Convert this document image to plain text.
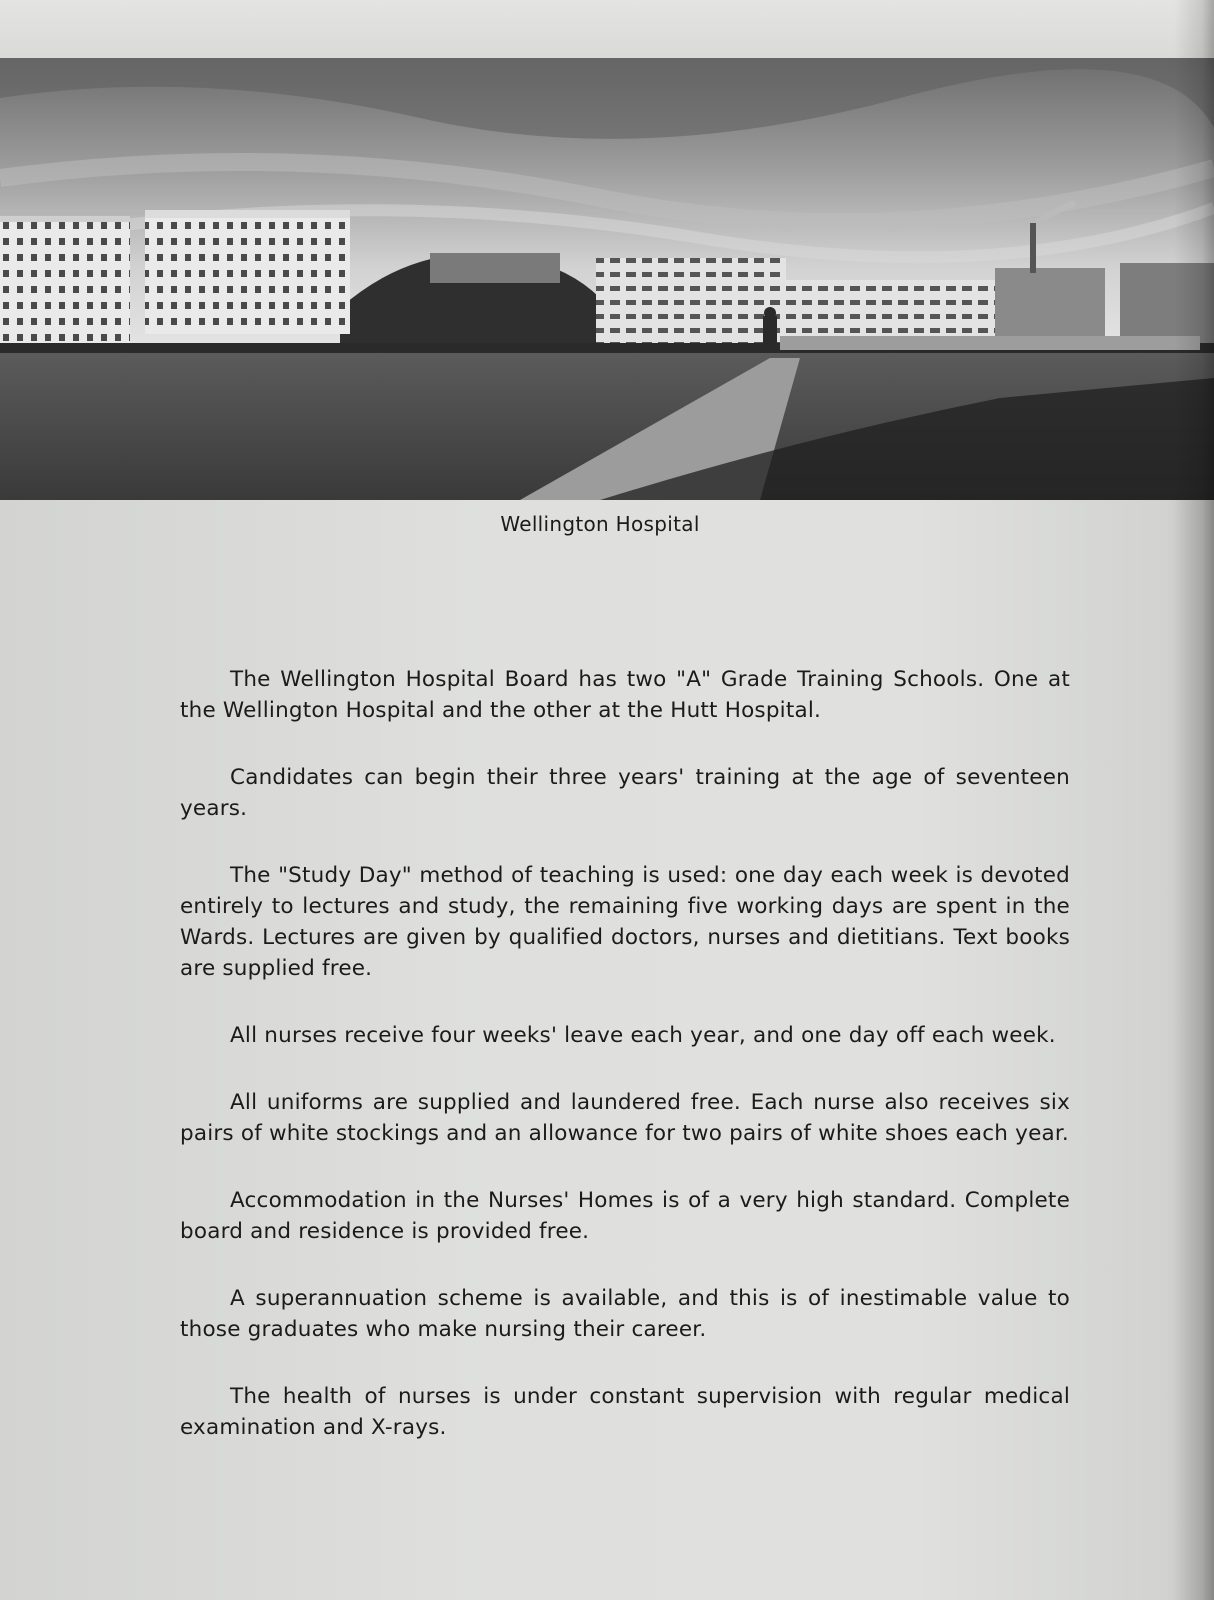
Wellington Hospital

The Wellington Hospital Board has two "A" Grade Training Schools. One at the Wellington Hospital and the other at the Hutt Hospital.

Candidates can begin their three years' training at the age of seventeen years.

The "Study Day" method of teaching is used: one day each week is devoted entirely to lectures and study, the remaining five working days are spent in the Wards. Lectures are given by qualified doctors, nurses and dietitians. Text books are supplied free.

All nurses receive four weeks' leave each year, and one day off each week.

All uniforms are supplied and laundered free. Each nurse also receives six pairs of white stockings and an allowance for two pairs of white shoes each year.

Accommodation in the Nurses' Homes is of a very high standard. Complete board and residence is provided free.

A superannuation scheme is available, and this is of inestimable value to those graduates who make nursing their career.

The health of nurses is under constant supervision with regular medical examination and X-rays.
